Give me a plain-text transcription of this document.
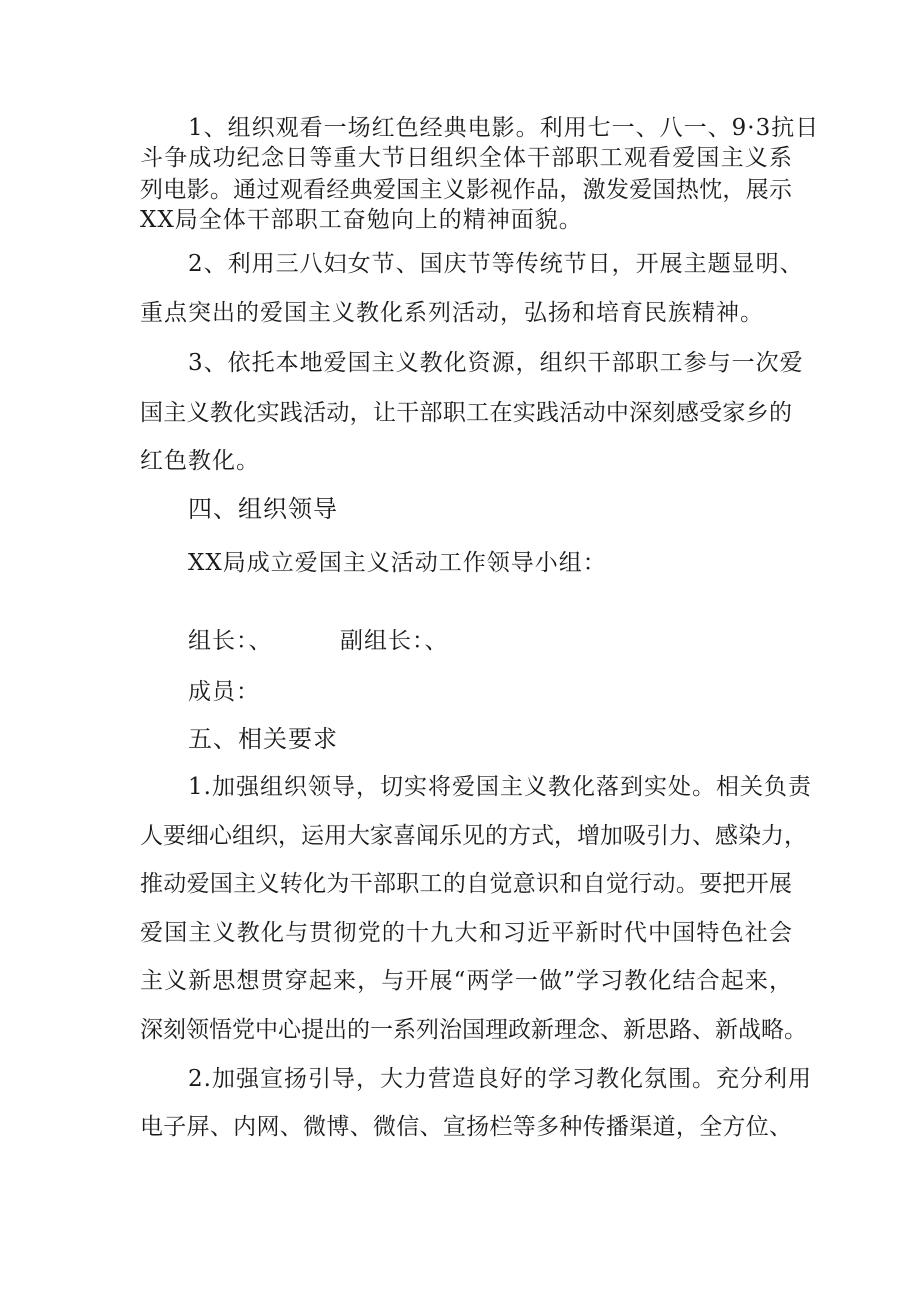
1、组织观看一场红色经典电影。利用七一、八一、9·3抗日
斗争成功纪念日等重大节日组织全体干部职工观看爱国主义系
列电影。通过观看经典爱国主义影视作品，激发爱国热忱，展示
XX局全体干部职工奋勉向上的精神面貌。
2、利用三八妇女节、国庆节等传统节日，开展主题显明、
重点突出的爱国主义教化系列活动，弘扬和培育民族精神。
3、依托本地爱国主义教化资源，组织干部职工参与一次爱
国主义教化实践活动，让干部职工在实践活动中深刻感受家乡的
红色教化。
四、组织领导
XX局成立爱国主义活动工作领导小组：
组长：、	副组长：、
成员：
五、相关要求
1.加强组织领导，切实将爱国主义教化落到实处。相关负责
人要细心组织，运用大家喜闻乐见的方式，增加吸引力、感染力，
推动爱国主义转化为干部职工的自觉意识和自觉行动。要把开展
爱国主义教化与贯彻党的十九大和习近平新时代中国特色社会
主义新思想贯穿起来，与开展“两学一做”学习教化结合起来，
深刻领悟党中心提出的一系列治国理政新理念、新思路、新战略。
2.加强宣扬引导，大力营造良好的学习教化氛围。充分利用
电子屏、内网、微博、微信、宣扬栏等多种传播渠道，全方位、
